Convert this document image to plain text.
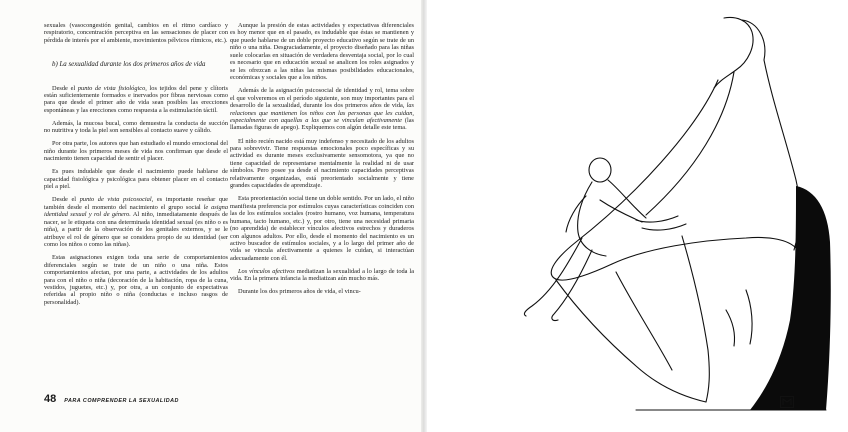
sexuales (vasocongestión genital, cambios en el ritmo cardíaco y respiratorio, concentración perceptiva en las sensaciones de placer con pérdida de interés por el ambiente, movimientos pélvicos rítmicos, etc.).

b) La sexualidad durante los dos primeros años de vida

Desde el punto de vista fisiológico, los tejidos del pene y clítoris están suficientemente formados e inervados por fibras nerviosas como para que desde el primer año de vida sean posibles las erecciones espontáneas y las erecciones como respuesta a la estimulación táctil.

Además, la mucosa bucal, como demuestra la conducta de succión no nutritiva y toda la piel son sensibles al contacto suave y cálido.

Por otra parte, los autores que han estudiado el mundo emocional del niño durante los primeros meses de vida nos confirman que desde el nacimiento tienen capacidad de sentir el placer.

Es pues indudable que desde el nacimiento puede hablarse de capacidad fisiológica y psicológica para obtener placer en el contacto piel a piel.

Desde el punto de vista psicosocial, es importante reseñar que también desde el momento del nacimiento el grupo social le asigna identidad sexual y rol de género. Al niño, inmediatamente después de nacer, se le etiqueta con una determinada identidad sexual (es niño o es niña), a partir de la observación de los genitales externos, y se le atribuye el rol de género que se considera propio de su identidad (ser como los niños o como las niñas).

Estas asignaciones exigen toda una serie de comportamientos diferenciales según se trate de un niño o una niña. Estos comportamientos afectan, por una parte, a actividades de los adultos para con el niño o niña (decoración de la habitación, ropa de la cuna, vestidos, juguetes, etc.) y, por otra, a un conjunto de expectativas referidas al propio niño o niña (conductas e incluso rasgos de personalidad).

Aunque la presión de estas actividades y expectativas diferenciales es hoy menor que en el pasado, es indudable que éstas se mantienen y que puede hablarse de un doble proyecto educativo según se trate de un niño o una niña. Desgraciadamente, el proyecto diseñado para las niñas suele colocarlas en situación de verdadera desventaja social, por lo cual es necesario que en educación sexual se analicen los roles asignados y se les ofrezcan a las niñas las mismas posibilidades educacionales, económicas y sociales que a los niños.

Además de la asignación psicosocial de identidad y rol, tema sobre el que volveremos en el período siguiente, son muy importantes para el desarrollo de la sexualidad, durante los dos primeros años de vida, las relaciones que mantienen los niños con las personas que les cuidan, especialmente con aquellas a las que se vinculan afectivamente (las llamadas figuras de apego). Expliquemos con algún detalle este tema.

El niño recién nacido está muy indefenso y necesitado de los adultos para sobrevivir. Tiene respuestas emocionales poco específicas y su actividad es durante meses exclusivamente sensomotora, ya que no tiene capacidad de representarse mentalmente la realidad ni de usar símbolos. Pero posee ya desde el nacimiento capacidades perceptivas relativamente organizadas, está preorientado socialmente y tiene grandes capacidades de aprendizaje.

Esta preorientación social tiene un doble sentido. Por un lado, el niño manifiesta preferencia por estímulos cuyas características coinciden con las de los estímulos sociales (rostro humano, voz humana, temperatura humana, tacto humano, etc.) y, por otro, tiene una necesidad primaria (no aprendida) de establecer vínculos afectivos estrechos y duraderos con algunos adultos. Por ello, desde el momento del nacimiento es un activo buscador de estímulos sociales, y a lo largo del primer año de vida se vincula afectivamente a quienes le cuidan, si interactúan adecuadamente con él.

Los vínculos afectivos mediatizan la sexualidad a lo largo de toda la vida. En la primera infancia la mediatizan aún mucho más.

Durante los dos primeros años de vida, el vincu-

48 PARA COMPRENDER LA SEXUALIDAD
